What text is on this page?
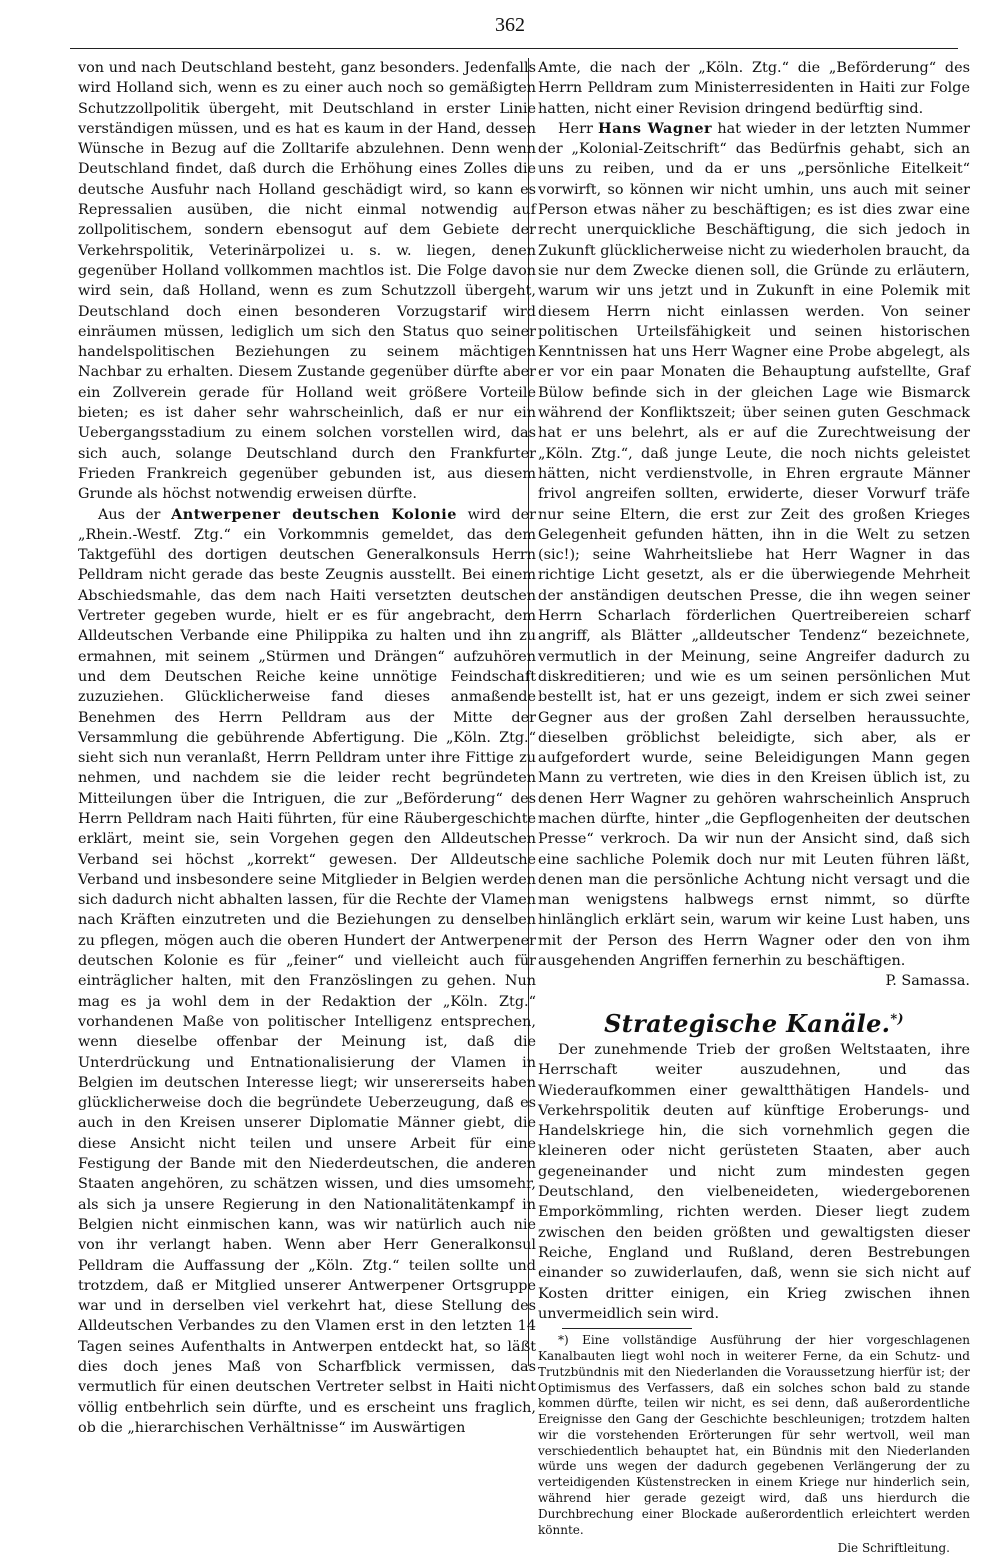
362

von und nach Deutschland besteht, ganz besonders. Jedenfalls wird Holland sich, wenn es zu einer auch noch so gemäßigten Schutzzollpolitik übergeht, mit Deutschland in erster Linie verständigen müssen, und es hat es kaum in der Hand, dessen Wünsche in Bezug auf die Zolltarife abzulehnen. Denn wenn Deutschland findet, daß durch die Erhöhung eines Zolles die deutsche Ausfuhr nach Holland geschädigt wird, so kann es Repressalien ausüben, die nicht einmal notwendig auf zollpolitischem, sondern ebensogut auf dem Gebiete der Verkehrspolitik, Veterinärpolizei u. s. w. liegen, denen gegenüber Holland vollkommen machtlos ist. Die Folge davon wird sein, daß Holland, wenn es zum Schutzzoll übergeht, Deutschland doch einen besonderen Vorzugstarif wird einräumen müssen, lediglich um sich den Status quo seiner handelspolitischen Beziehungen zu seinem mächtigen Nachbar zu erhalten. Diesem Zustande gegenüber dürfte aber ein Zollverein gerade für Holland weit größere Vorteile bieten; es ist daher sehr wahrscheinlich, daß er nur ein Uebergangsstadium zu einem solchen vorstellen wird, das sich auch, solange Deutschland durch den Frankfurter Frieden Frankreich gegenüber gebunden ist, aus diesem Grunde als höchst notwendig erweisen dürfte.

Aus der Antwerpener deutschen Kolonie wird der „Rhein.-Westf. Ztg.“ ein Vorkommnis gemeldet, das dem Taktgefühl des dortigen deutschen Generalkonsuls Herrn Pelldram nicht gerade das beste Zeugnis ausstellt. Bei einem Abschiedsmahle, das dem nach Haiti versetzten deutschen Vertreter gegeben wurde, hielt er es für angebracht, dem Alldeutschen Verbande eine Philippika zu halten und ihn zu ermahnen, mit seinem „Stürmen und Drängen“ aufzuhören und dem Deutschen Reiche keine unnötige Feindschaft zuzuziehen. Glücklicherweise fand dieses anmaßende Benehmen des Herrn Pelldram aus der Mitte der Versammlung die gebührende Abfertigung. Die „Köln. Ztg.“ sieht sich nun veranlaßt, Herrn Pelldram unter ihre Fittige zu nehmen, und nachdem sie die leider recht begründeten Mitteilungen über die Intriguen, die zur „Beförderung“ des Herrn Pelldram nach Haiti führten, für eine Räubergeschichte erklärt, meint sie, sein Vorgehen gegen den Alldeutschen Verband sei höchst „korrekt“ gewesen. Der Alldeutsche Verband und insbesondere seine Mitglieder in Belgien werden sich dadurch nicht abhalten lassen, für die Rechte der Vlamen nach Kräften einzutreten und die Beziehungen zu denselben zu pflegen, mögen auch die oberen Hundert der Antwerpener deutschen Kolonie es für „feiner“ und vielleicht auch für einträglicher halten, mit den Französlingen zu gehen. Nun mag es ja wohl dem in der Redaktion der „Köln. Ztg.“ vorhandenen Maße von politischer Intelligenz entsprechen, wenn dieselbe offenbar der Meinung ist, daß die Unterdrückung und Entnationalisierung der Vlamen in Belgien im deutschen Interesse liegt; wir unsererseits haben glücklicherweise doch die begründete Ueberzeugung, daß es auch in den Kreisen unserer Diplomatie Männer giebt, die diese Ansicht nicht teilen und unsere Arbeit für eine Festigung der Bande mit den Niederdeutschen, die anderen Staaten angehören, zu schätzen wissen, und dies umsomehr, als sich ja unsere Regierung in den Nationalitätenkampf in Belgien nicht einmischen kann, was wir natürlich auch nie von ihr verlangt haben. Wenn aber Herr Generalkonsul Pelldram die Auffassung der „Köln. Ztg.“ teilen sollte und trotzdem, daß er Mitglied unserer Antwerpener Ortsgruppe war und in derselben viel verkehrt hat, diese Stellung des Alldeutschen Verbandes zu den Vlamen erst in den letzten 14 Tagen seines Aufenthalts in Antwerpen entdeckt hat, so läßt dies doch jenes Maß von Scharfblick vermissen, das vermutlich für einen deutschen Vertreter selbst in Haiti nicht völlig entbehrlich sein dürfte, und es erscheint uns fraglich, ob die „hierarchischen Verhältnisse“ im Auswärtigen

Amte, die nach der „Köln. Ztg.“ die „Beförderung“ des Herrn Pelldram zum Ministerresidenten in Haiti zur Folge hatten, nicht einer Revision dringend bedürftig sind.

Herr Hans Wagner hat wieder in der letzten Nummer der „Kolonial-Zeitschrift“ das Bedürfnis gehabt, sich an uns zu reiben, und da er uns „persönliche Eitelkeit“ vorwirft, so können wir nicht umhin, uns auch mit seiner Person etwas näher zu beschäftigen; es ist dies zwar eine recht unerquickliche Beschäftigung, die sich jedoch in Zukunft glücklicherweise nicht zu wiederholen braucht, da sie nur dem Zwecke dienen soll, die Gründe zu erläutern, warum wir uns jetzt und in Zukunft in eine Polemik mit diesem Herrn nicht einlassen werden. Von seiner politischen Urteilsfähigkeit und seinen historischen Kenntnissen hat uns Herr Wagner eine Probe abgelegt, als er vor ein paar Monaten die Behauptung aufstellte, Graf Bülow befinde sich in der gleichen Lage wie Bismarck während der Konfliktszeit; über seinen guten Geschmack hat er uns belehrt, als er auf die Zurechtweisung der „Köln. Ztg.“, daß junge Leute, die noch nichts geleistet hätten, nicht verdienstvolle, in Ehren ergraute Männer frivol angreifen sollten, erwiderte, dieser Vorwurf träfe nur seine Eltern, die erst zur Zeit des großen Krieges Gelegenheit gefunden hätten, ihn in die Welt zu setzen (sic!); seine Wahrheitsliebe hat Herr Wagner in das richtige Licht gesetzt, als er die überwiegende Mehrheit der anständigen deutschen Presse, die ihn wegen seiner Herrn Scharlach förderlichen Quertreibereien scharf angriff, als Blätter „alldeutscher Tendenz“ bezeichnete, vermutlich in der Meinung, seine Angreifer dadurch zu diskreditieren; und wie es um seinen persönlichen Mut bestellt ist, hat er uns gezeigt, indem er sich zwei seiner Gegner aus der großen Zahl derselben heraussuchte, dieselben gröblichst beleidigte, sich aber, als er aufgefordert wurde, seine Beleidigungen Mann gegen Mann zu vertreten, wie dies in den Kreisen üblich ist, zu denen Herr Wagner zu gehören wahrscheinlich Anspruch machen dürfte, hinter „die Gepflogenheiten der deutschen Presse“ verkroch. Da wir nun der Ansicht sind, daß sich eine sachliche Polemik doch nur mit Leuten führen läßt, denen man die persönliche Achtung nicht versagt und die man wenigstens halbwegs ernst nimmt, so dürfte hinlänglich erklärt sein, warum wir keine Lust haben, uns mit der Person des Herrn Wagner oder den von ihm ausgehenden Angriffen fernerhin zu beschäftigen.

P. Samassa.
Strategische Kanäle.*)

Der zunehmende Trieb der großen Weltstaaten, ihre Herrschaft weiter auszudehnen, und das Wiederaufkommen einer gewaltthätigen Handels- und Verkehrspolitik deuten auf künftige Eroberungs- und Handelskriege hin, die sich vornehmlich gegen die kleineren oder nicht gerüsteten Staaten, aber auch gegeneinander und nicht zum mindesten gegen Deutschland, den vielbeneideten, wiedergeborenen Emporkömmling, richten werden. Dieser liegt zudem zwischen den beiden größten und gewaltigsten dieser Reiche, England und Rußland, deren Bestrebungen einander so zuwiderlaufen, daß, wenn sie sich nicht auf Kosten dritter einigen, ein Krieg zwischen ihnen unvermeidlich sein wird.

*) Eine vollständige Ausführung der hier vorgeschlagenen Kanalbauten liegt wohl noch in weiterer Ferne, da ein Schutz- und Trutzbündnis mit den Niederlanden die Voraussetzung hierfür ist; der Optimismus des Verfassers, daß ein solches schon bald zu stande kommen dürfte, teilen wir nicht, es sei denn, daß außerordentliche Ereignisse den Gang der Geschichte beschleunigen; trotzdem halten wir die vorstehenden Erörterungen für sehr wertvoll, weil man verschiedentlich behauptet hat, ein Bündnis mit den Niederlanden würde uns wegen der dadurch gegebenen Verlängerung der zu verteidigenden Küstenstrecken in einem Kriege nur hinderlich sein, während hier gerade gezeigt wird, daß uns hierdurch die Durchbrechung einer Blockade außerordentlich erleichtert werden könnte.

Die Schriftleitung.
